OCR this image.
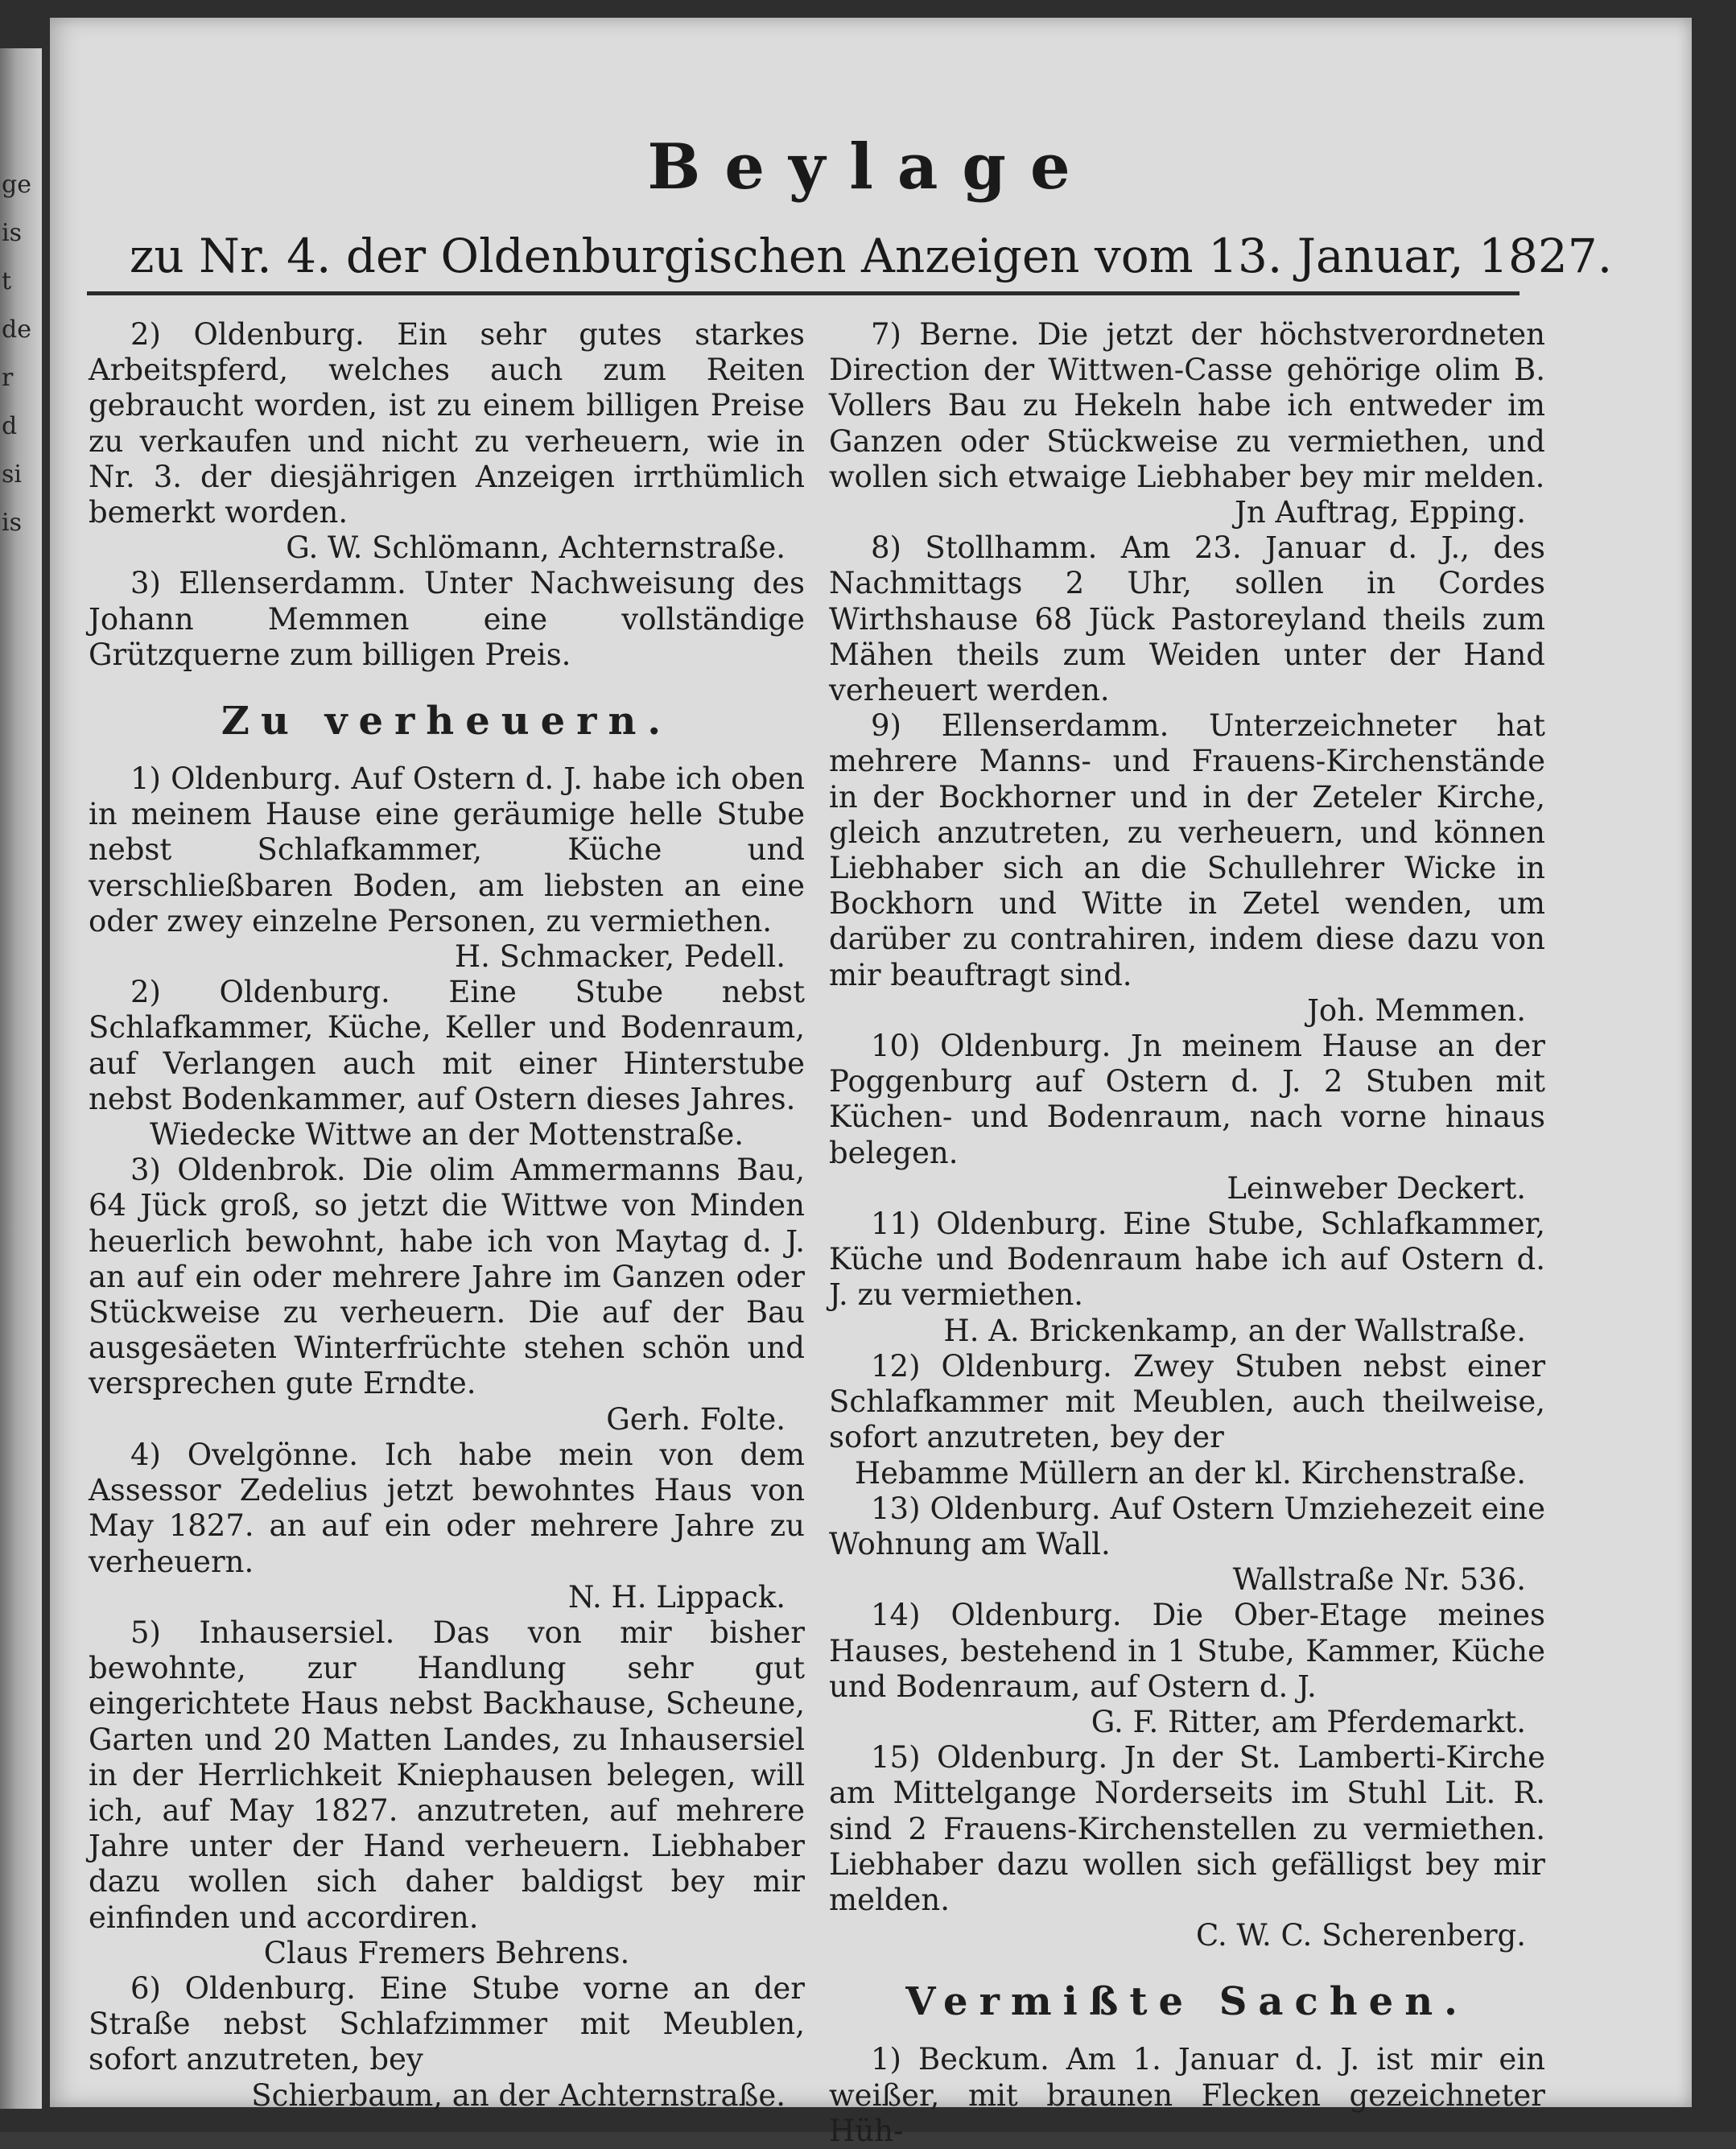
ge
is
t
de
r
d
si
is
Beylage
zu Nr. 4. der Oldenburgischen Anzeigen vom 13. Januar, 1827.

2) Oldenburg. Ein sehr gutes starkes Arbeitspferd, welches auch zum Reiten gebraucht worden, ist zu einem billigen Preise zu verkaufen und nicht zu verheuern, wie in Nr. 3. der diesjährigen Anzeigen irrthümlich bemerkt worden.

G. W. Schlömann, Achternstraße.

3) Ellenserdamm. Unter Nachweisung des Johann Memmen eine vollständige Grützquerne zum billigen Preis.

Zu verheuern.

1) Oldenburg. Auf Ostern d. J. habe ich oben in meinem Hause eine geräumige helle Stube nebst Schlafkammer, Küche und verschließbaren Boden, am liebsten an eine oder zwey einzelne Personen, zu vermiethen.

H. Schmacker, Pedell.

2) Oldenburg. Eine Stube nebst Schlafkammer, Küche, Keller und Bodenraum, auf Verlangen auch mit einer Hinterstube nebst Bodenkammer, auf Ostern dieses Jahres.

Wiedecke Wittwe an der Mottenstraße.

3) Oldenbrok. Die olim Ammermanns Bau, 64 Jück groß, so jetzt die Wittwe von Minden heuerlich bewohnt, habe ich von Maytag d. J. an auf ein oder mehrere Jahre im Ganzen oder Stückweise zu verheuern. Die auf der Bau ausgesäeten Winterfrüchte stehen schön und versprechen gute Erndte.

Gerh. Folte.

4) Ovelgönne. Ich habe mein von dem Assessor Zedelius jetzt bewohntes Haus von May 1827. an auf ein oder mehrere Jahre zu verheuern.

N. H. Lippack.

5) Inhausersiel. Das von mir bisher bewohnte, zur Handlung sehr gut eingerichtete Haus nebst Backhause, Scheune, Garten und 20 Matten Landes, zu Inhausersiel in der Herrlichkeit Kniephausen belegen, will ich, auf May 1827. anzutreten, auf mehrere Jahre unter der Hand verheuern. Liebhaber dazu wollen sich daher baldigst bey mir einfinden und accordiren.

Claus Fremers Behrens.

6) Oldenburg. Eine Stube vorne an der Straße nebst Schlafzimmer mit Meublen, sofort anzutreten, bey

Schierbaum, an der Achternstraße.

7) Berne. Die jetzt der höchstverordneten Direction der Wittwen-Casse gehörige olim B. Vollers Bau zu Hekeln habe ich entweder im Ganzen oder Stückweise zu vermiethen, und wollen sich etwaige Liebhaber bey mir melden.

Jn Auftrag, Epping.

8) Stollhamm. Am 23. Januar d. J., des Nachmittags 2 Uhr, sollen in Cordes Wirthshause 68 Jück Pastoreyland theils zum Mähen theils zum Weiden unter der Hand verheuert werden.

9) Ellenserdamm. Unterzeichneter hat mehrere Manns- und Frauens-Kirchenstände in der Bockhorner und in der Zeteler Kirche, gleich anzutreten, zu verheuern, und können Liebhaber sich an die Schullehrer Wicke in Bockhorn und Witte in Zetel wenden, um darüber zu contrahiren, indem diese dazu von mir beauftragt sind.

Joh. Memmen.

10) Oldenburg. Jn meinem Hause an der Poggenburg auf Ostern d. J. 2 Stuben mit Küchen- und Bodenraum, nach vorne hinaus belegen.

Leinweber Deckert.

11) Oldenburg. Eine Stube, Schlafkammer, Küche und Bodenraum habe ich auf Ostern d. J. zu vermiethen.

H. A. Brickenkamp, an der Wallstraße.

12) Oldenburg. Zwey Stuben nebst einer Schlafkammer mit Meublen, auch theilweise, sofort anzutreten, bey der

Hebamme Müllern an der kl. Kirchenstraße.

13) Oldenburg. Auf Ostern Umziehezeit eine Wohnung am Wall.

Wallstraße Nr. 536.

14) Oldenburg. Die Ober-Etage meines Hauses, bestehend in 1 Stube, Kammer, Küche und Bodenraum, auf Ostern d. J.

G. F. Ritter, am Pferdemarkt.

15) Oldenburg. Jn der St. Lamberti-Kirche am Mittelgange Norderseits im Stuhl Lit. R. sind 2 Frauens-Kirchenstellen zu vermiethen. Liebhaber dazu wollen sich gefälligst bey mir melden.

C. W. C. Scherenberg.

Vermißte Sachen.

1) Beckum. Am 1. Januar d. J. ist mir ein weißer, mit braunen Flecken gezeichneter Hüh-
